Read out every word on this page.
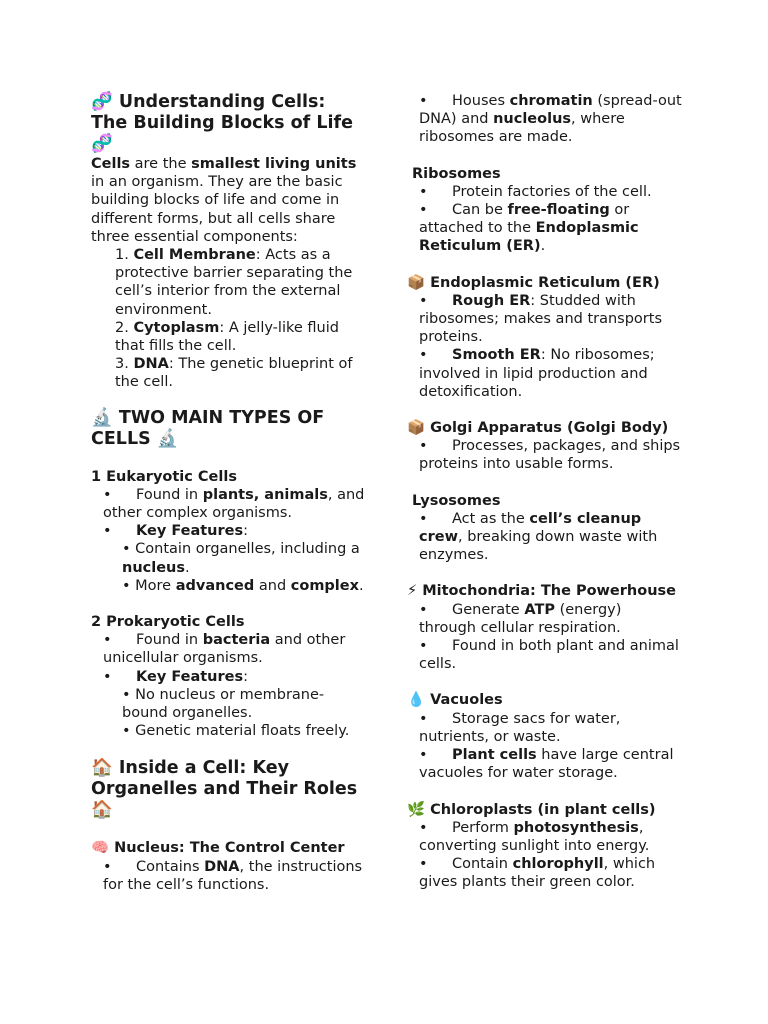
🧬 Understanding Cells: The Building Blocks of Life 🧬

Cells are the smallest living units in an organism. They are the basic building blocks of life and come in different forms, but all cells share three essential components:

1. Cell Membrane: Acts as a protective barrier separating the cell’s interior from the external environment.
2. Cytoplasm: A jelly-like fluid that fills the cell.
3. DNA: The genetic blueprint of the cell.
🔬 TWO MAIN TYPES OF CELLS 🔬
1 Eukaryotic Cells
• Found in plants, animals, and other complex organisms.
• Key Features:
• Contain organelles, including a nucleus.
• More advanced and complex.
2 Prokaryotic Cells
• Found in bacteria and other unicellular organisms.
• Key Features:
• No nucleus or membrane-bound organelles.
• Genetic material floats freely.
🏠 Inside a Cell: Key Organelles and Their Roles 🏠
🧠 Nucleus: The Control Center
• Contains DNA, the instructions for the cell’s functions.
• Houses chromatin (spread-out DNA) and nucleolus, where ribosomes are made.
Ribosomes
• Protein factories of the cell.
• Can be free-floating or attached to the Endoplasmic Reticulum (ER).
📦 Endoplasmic Reticulum (ER)
• Rough ER: Studded with ribosomes; makes and transports proteins.
• Smooth ER: No ribosomes; involved in lipid production and detoxification.
📦 Golgi Apparatus (Golgi Body)
• Processes, packages, and ships proteins into usable forms.
Lysosomes
• Act as the cell’s cleanup crew, breaking down waste with enzymes.
⚡ Mitochondria: The Powerhouse
• Generate ATP (energy) through cellular respiration.
• Found in both plant and animal cells.
💧 Vacuoles
• Storage sacs for water, nutrients, or waste.
• Plant cells have large central vacuoles for water storage.
🌿 Chloroplasts (in plant cells)
• Perform photosynthesis, converting sunlight into energy.
• Contain chlorophyll, which gives plants their green color.
